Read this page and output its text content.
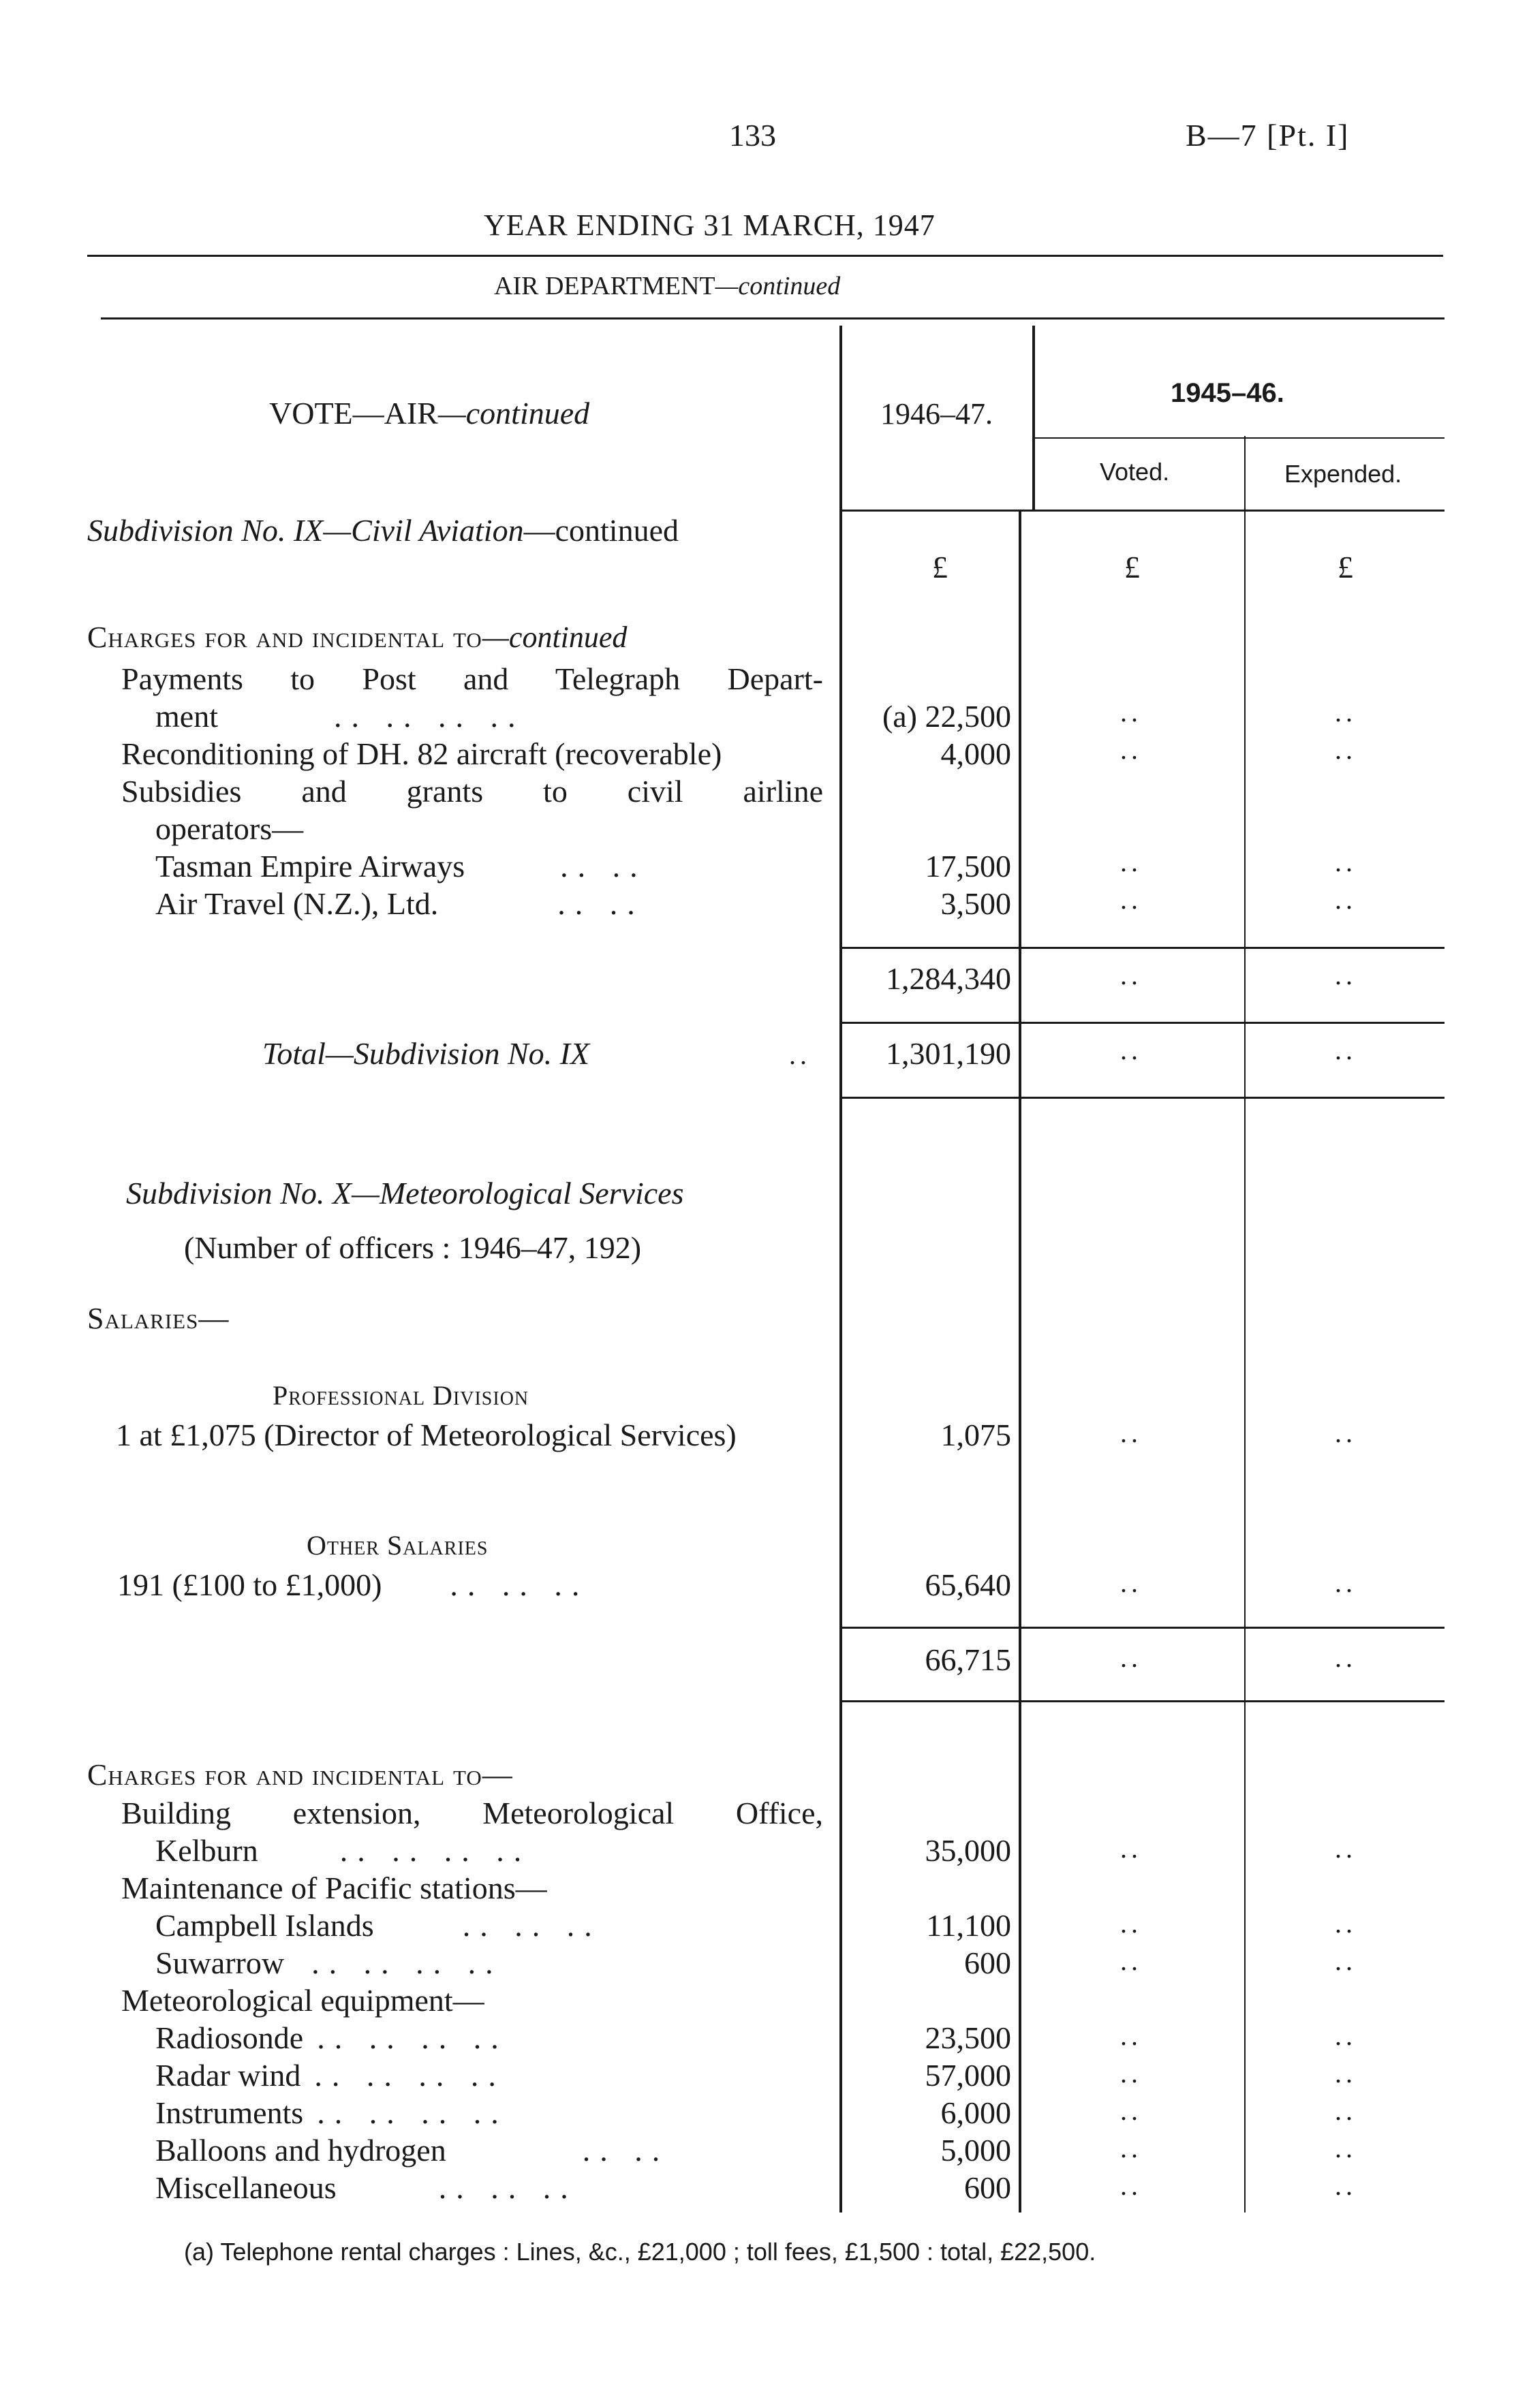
133	B—7 [Pt. I]
YEAR ENDING 31 MARCH, 1947
AIR DEPARTMENT—continued
VOTE—AIR—continued	1946–47.
1945–46.
Voted.	Expended.
Subdivision No. IX—Civil Aviation—continued
£	£	£
Charges for and incidental to—continued
Payments to Post and Telegraph Depart-
ment	.. .. .. ..	(a) 22,500	..	..
Reconditioning of DH. 82 aircraft (recoverable)	4,000	..	..
Subsidies and grants to civil airline
operators—
Tasman Empire Airways	.. ..	17,500	..	..
Air Travel (N.Z.), Ltd.	.. ..	3,500	..	..
1,284,340	..	..
Total—Subdivision No. IX	..	1,301,190	..	..
Subdivision No. X—Meteorological Services
(Number of officers : 1946–47, 192)
Salaries—
Professional Division
1 at £1,075 (Director of Meteorological Services)	1,075	..	..
Other Salaries
191 (£100 to £1,000) .. .. ..	65,640	..	..
66,715	..	..
Charges for and incidental to—
Building extension, Meteorological Office,
Kelburn	.. .. .. ..	35,000	..	..
Maintenance of Pacific stations—
Campbell Islands	.. .. ..	11,100	..	..
Suwarrow .. .. .. ..	600	..	..
Meteorological equipment—
Radiosonde .. .. .. ..	23,500	..	..
Radar wind .. .. .. ..	57,000	..	..
Instruments .. .. .. ..	6,000	..	..
Balloons and hydrogen	.. ..	5,000	..	..
Miscellaneous	.. .. ..	600	..	..
(a) Telephone rental charges : Lines, &c., £21,000 ; toll fees, £1,500 : total, £22,500.
